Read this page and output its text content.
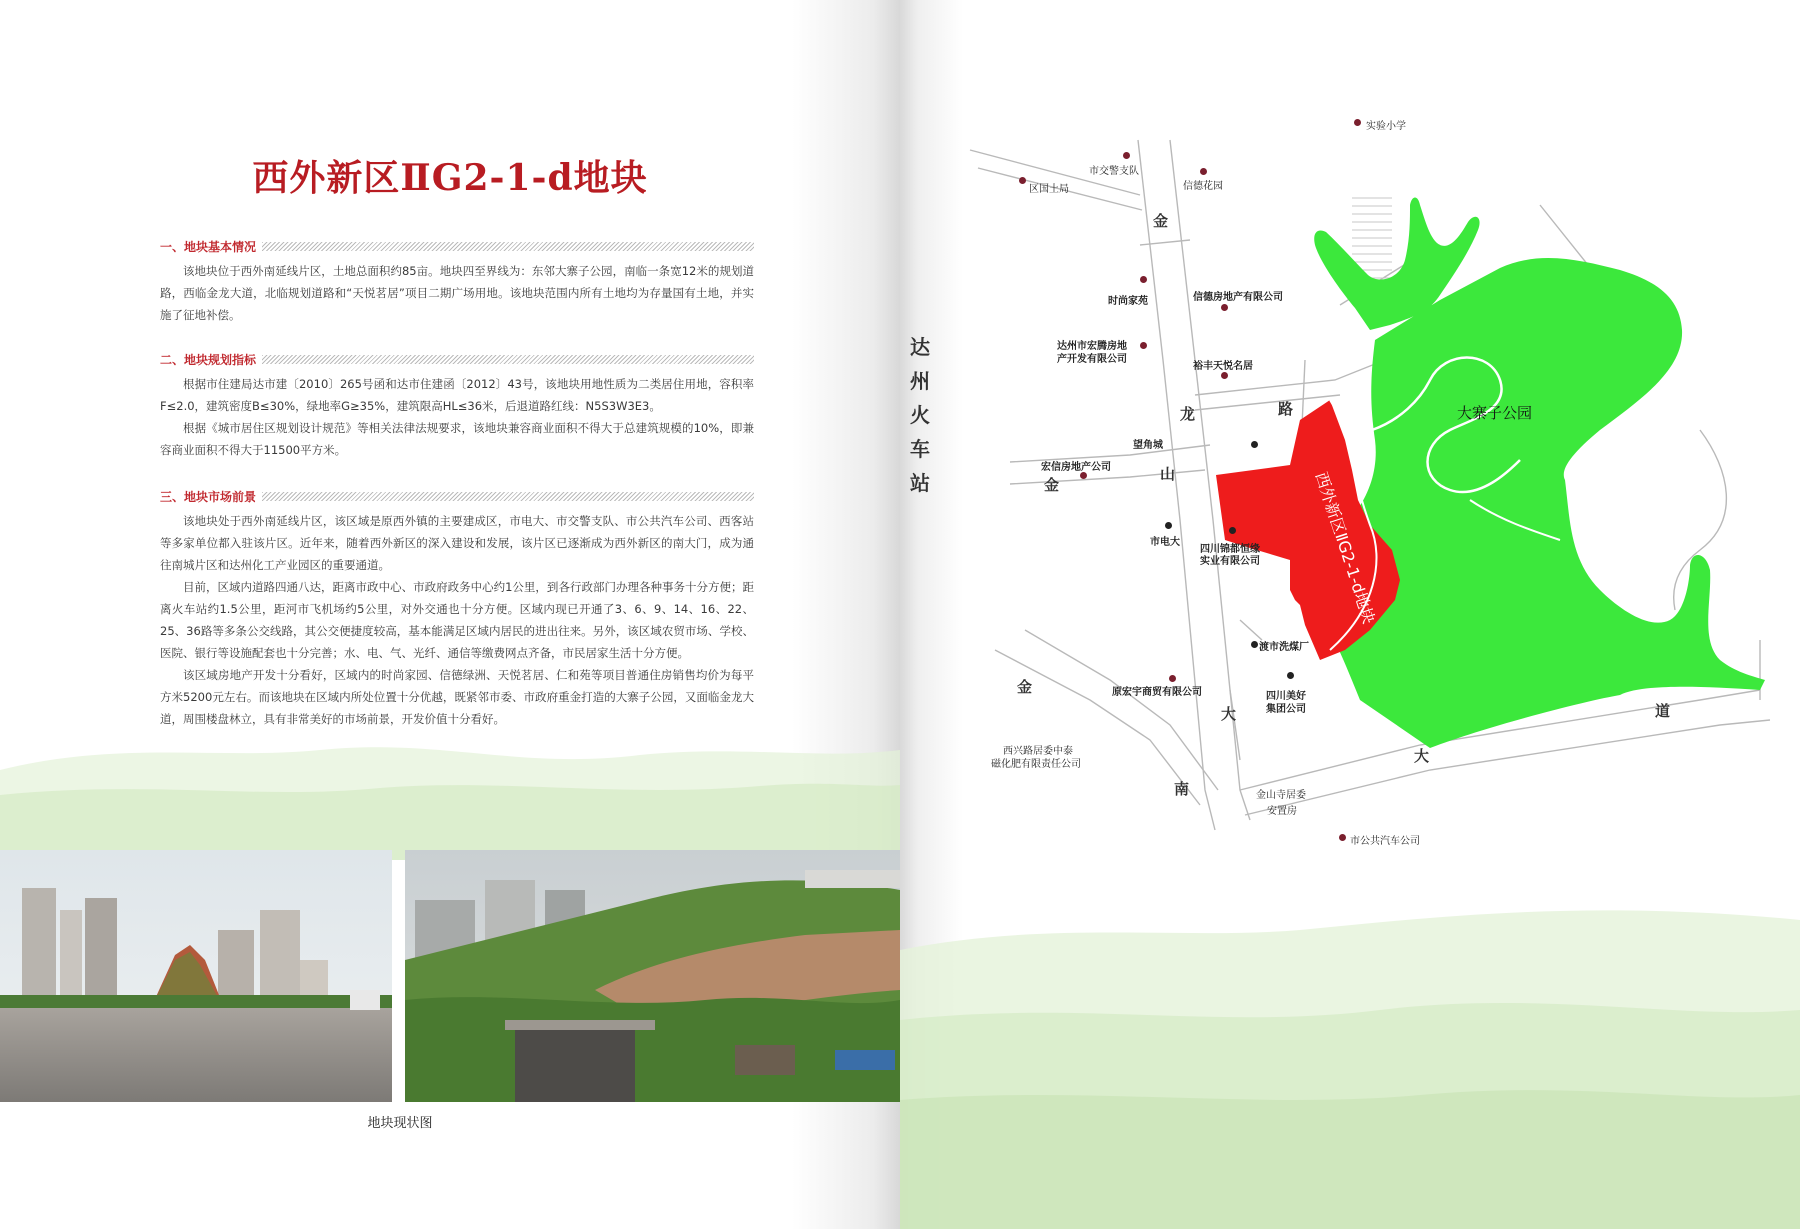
西外新区ⅡG2-1-d地块
一、地块基本情况

该地块位于西外南延线片区，土地总面积约85亩。地块四至界线为：东邻大寨子公园，南临一条宽12米的规划道路，西临金龙大道，北临规划道路和“天悦茗居”项目二期广场用地。该地块范围内所有土地均为存量国有土地，并实施了征地补偿。

二、地块规划指标

根据市住建局达市建〔2010〕265号函和达市住建函〔2012〕43号，该地块用地性质为二类居住用地，容积率F≤2.0，建筑密度B≤30%，绿地率G≥35%，建筑限高HL≤36米，后退道路红线：N5S3W3E3。

根据《城市居住区规划设计规范》等相关法律法规要求，该地块兼容商业面积不得大于总建筑规模的10%，即兼容商业面积不得大于11500平方米。

三、地块市场前景

该地块处于西外南延线片区，该区域是原西外镇的主要建成区，市电大、市交警支队、市公共汽车公司、西客站等多家单位都入驻该片区。近年来，随着西外新区的深入建设和发展，该片区已逐渐成为西外新区的南大门，成为通往南城片区和达州化工产业园区的重要通道。

目前，区域内道路四通八达，距离市政中心、市政府政务中心约1公里，到各行政部门办理各种事务十分方便；距离火车站约1.5公里，距河市飞机场约5公里，对外交通也十分方便。区域内现已开通了3、6、9、14、16、22、25、36路等多条公交线路，其公交便捷度较高，基本能满足区域内居民的进出往来。另外，该区域农贸市场、学校、医院、银行等设施配套也十分完善；水、电、气、光纤、通信等缴费网点齐备，市民居家生活十分方便。

该区域房地产开发十分看好，区域内的时尚家园、信德绿洲、天悦茗居、仁和苑等项目普通住房销售均价为每平方米5200元左右。而该地块在区域内所处位置十分优越，既紧邻市委、市政府重金打造的大寨子公园，又面临金龙大道，周围楼盘林立，具有非常美好的市场前景，开发价值十分看好。

地块现状图
大寨子公园
西外新区ⅡG2-1-d地块
达州火车站
金
龙	路
山
金
金
大
南
大
道
实验小学
市交警支队
区国土局	信德花园
时尚家苑	信德房地产有限公司
达州市宏腾房地
产开发有限公司
裕丰天悦名居
望角城
宏信房地产公司
市电大
四川锦都恒缘
实业有限公司
渡市洗煤厂
原宏宇商贸有限公司	四川美好
集团公司
西兴路居委中泰
磁化肥有限责任公司
金山寺居委
安置房
市公共汽车公司
